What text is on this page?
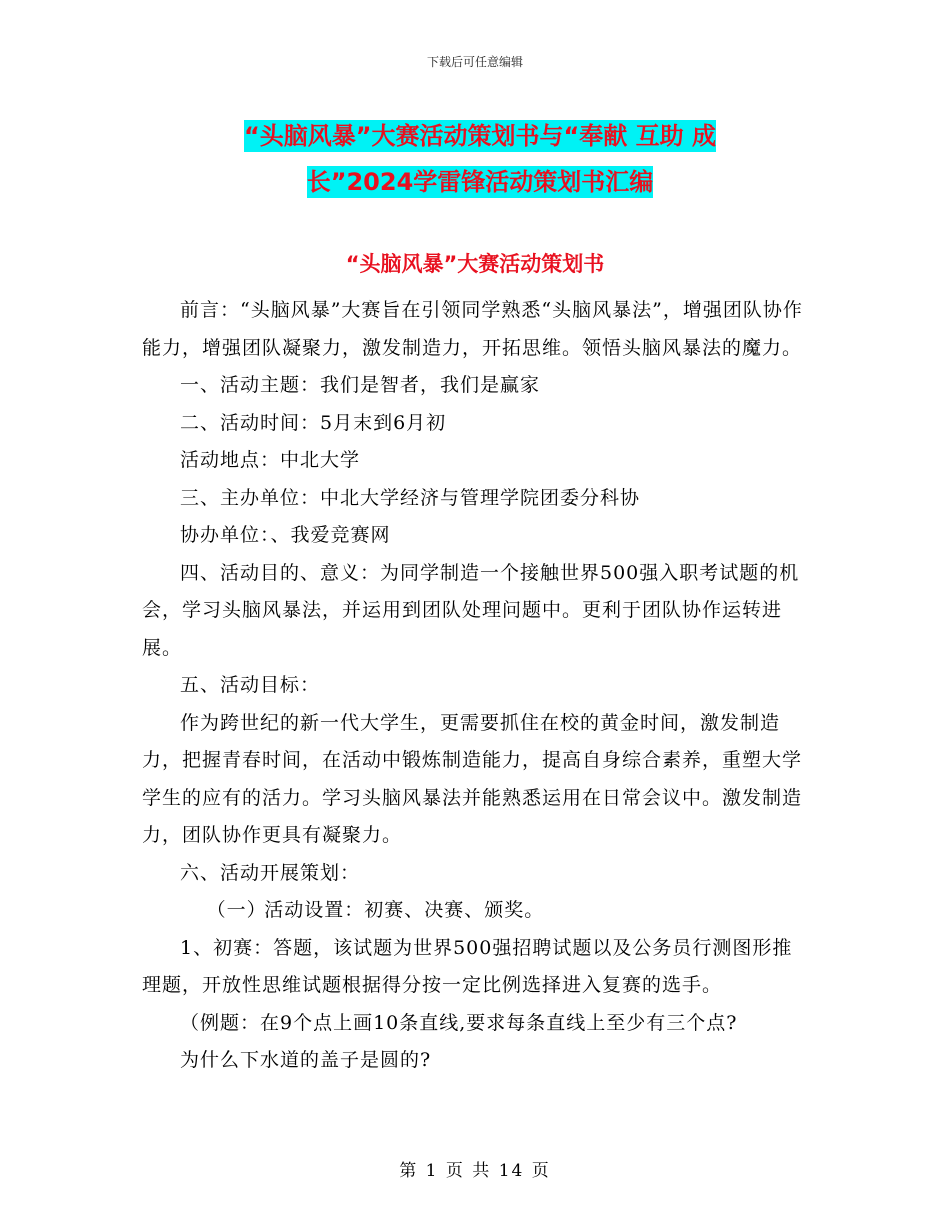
下载后可任意编辑
“头脑风暴”大赛活动策划书与“奉献 互助 成
长”2024学雷锋活动策划书汇编
“头脑风暴”大赛活动策划书

前言：“头脑风暴”大赛旨在引领同学熟悉“头脑风暴法”，增强团队协作能力，增强团队凝聚力，激发制造力，开拓思维。领悟头脑风暴法的魔力。

一、活动主题：我们是智者，我们是赢家

二、活动时间：5月末到6月初

活动地点：中北大学

三、主办单位：中北大学经济与管理学院团委分科协

协办单位：、我爱竞赛网

四、活动目的、意义：为同学制造一个接触世界500强入职考试题的机会，学习头脑风暴法，并运用到团队处理问题中。更利于团队协作运转进展。

五、活动目标：

作为跨世纪的新一代大学生，更需要抓住在校的黄金时间，激发制造力，把握青春时间，在活动中锻炼制造能力，提高自身综合素养，重塑大学学生的应有的活力。学习头脑风暴法并能熟悉运用在日常会议中。激发制造力，团队协作更具有凝聚力。

六、活动开展策划：

（一）活动设置：初赛、决赛、颁奖。

1、初赛：答题，该试题为世界500强招聘试题以及公务员行测图形推理题，开放性思维试题根据得分按一定比例选择进入复赛的选手。

（例题：在9个点上画10条直线,要求每条直线上至少有三个点?

为什么下水道的盖子是圆的?

第 1 页 共 14 页
